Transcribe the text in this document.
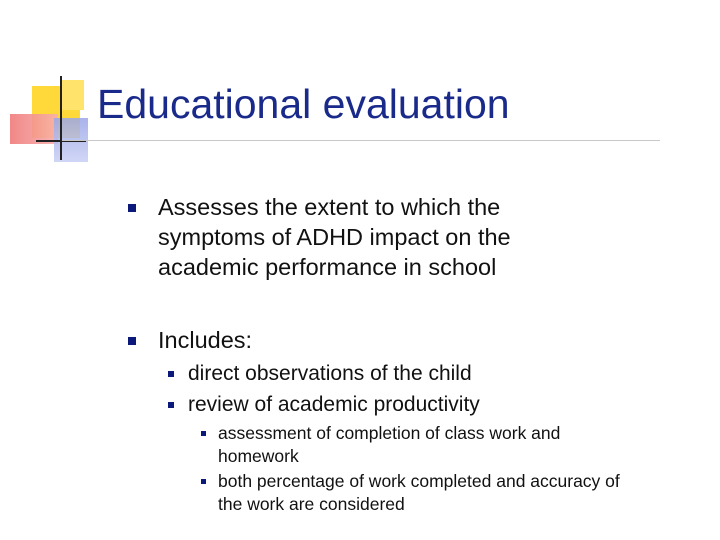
Educational evaluation
Assesses the extent to which the
symptoms of ADHD impact on the
academic performance in school
Includes:
direct observations of the child
review of academic productivity
assessment of completion of class work and
homework
both percentage of work completed and accuracy of
the work are considered
